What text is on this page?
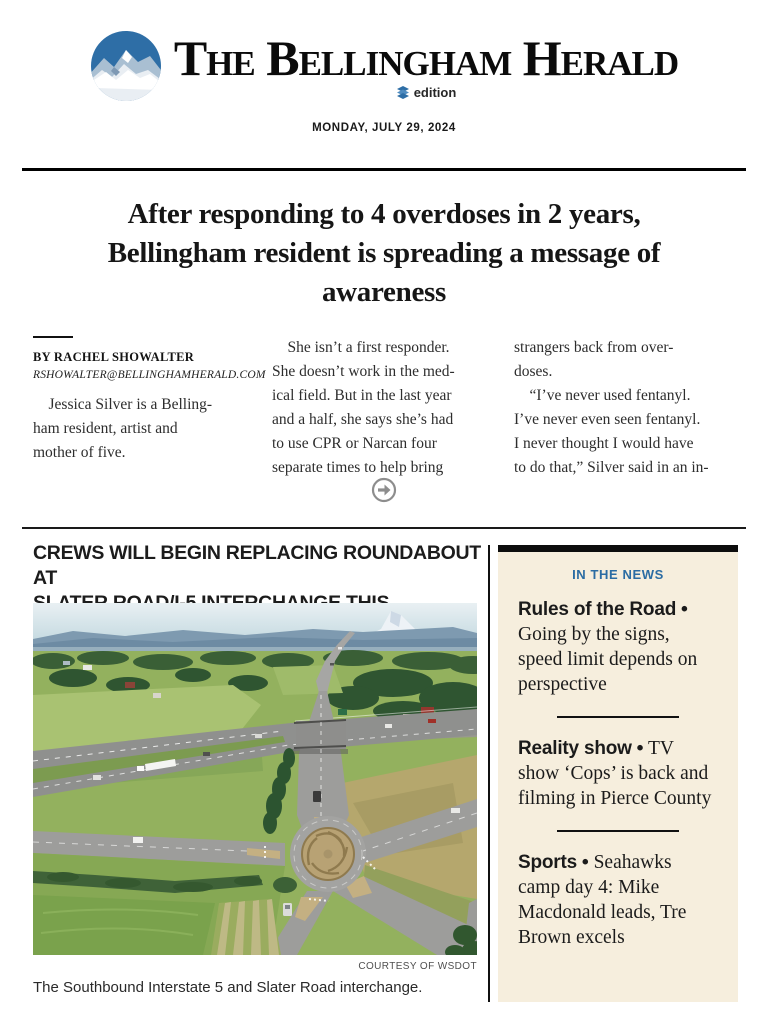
The Bellingham Herald
edition
MONDAY, JULY 29, 2024
After responding to 4 overdoses in 2 years,
Bellingham resident is spreading a message of
awareness
BY RACHEL SHOWALTER
RSHOWALTER@BELLINGHAMHERALD.COM
Jessica Silver is a Belling-
ham resident, artist and
mother of five.
She isn’t a first responder.
She doesn’t work in the med-
ical field. But in the last year
and a half, she says she’s had
to use CPR or Narcan four
separate times to help bring
strangers back from over-
doses.
“I’ve never used fentanyl.
I’ve never even seen fentanyl.
I never thought I would have
to do that,” Silver said in an in-
CREWS WILL BEGIN REPLACING ROUNDABOUT AT
COURTESY OF WSDOT
The Southbound Interstate 5 and Slater Road interchange.
IN THE NEWS

Rules of the Road • Going by the signs, speed limit depends on perspective

Reality show • TV show ‘Cops’ is back and filming in Pierce County

Sports • Seahawks camp day 4: Mike Macdonald leads, Tre Brown excels
